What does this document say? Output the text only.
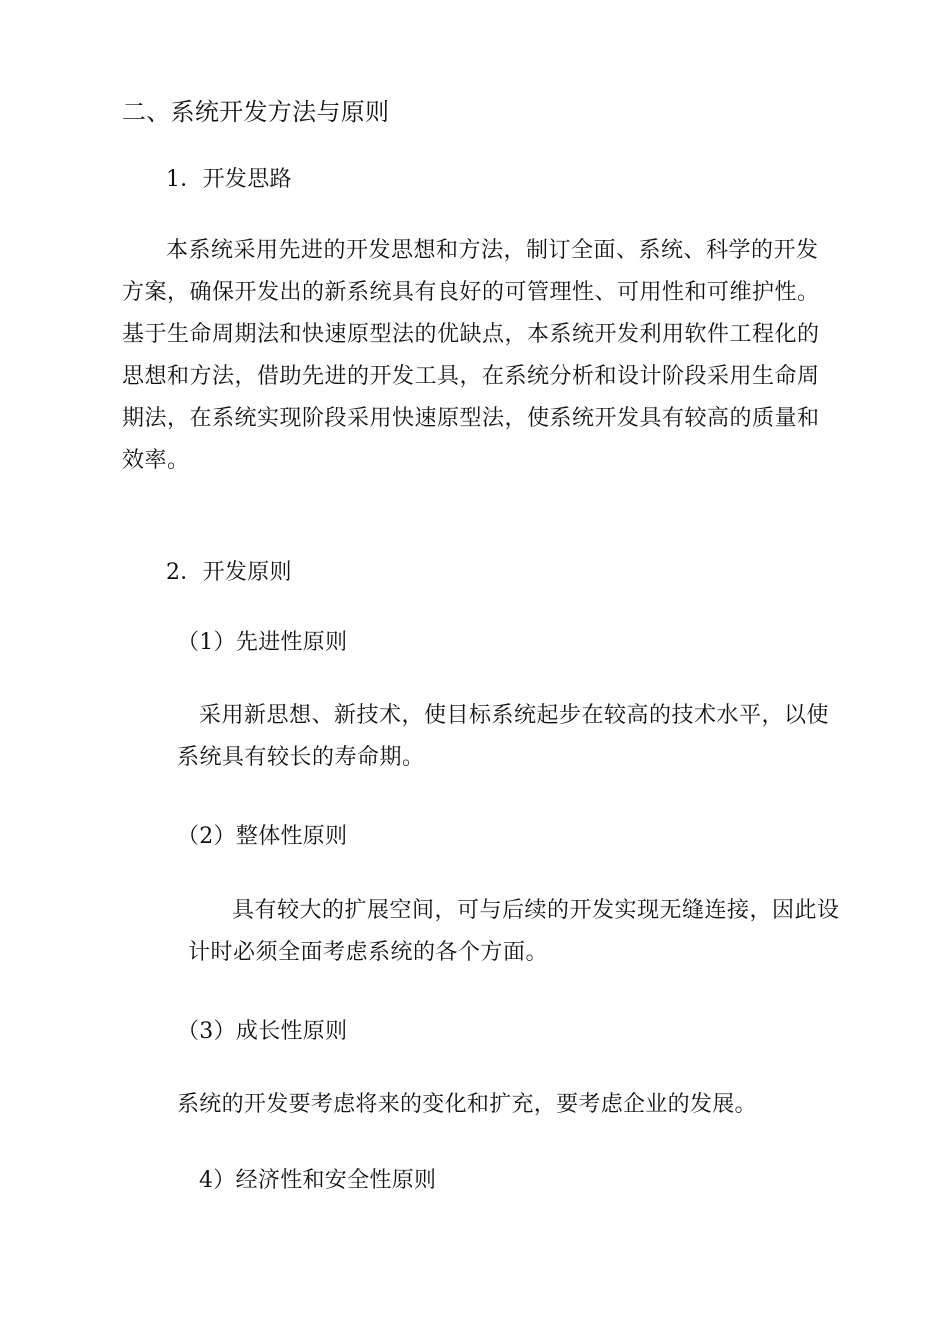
二、系统开发方法与原则
1．开发思路
本系统采用先进的开发思想和方法，制订全面、系统、科学的开发
方案，确保开发出的新系统具有良好的可管理性、可用性和可维护性。
基于生命周期法和快速原型法的优缺点，本系统开发利用软件工程化的
思想和方法，借助先进的开发工具，在系统分析和设计阶段采用生命周
期法，在系统实现阶段采用快速原型法，使系统开发具有较高的质量和
效率。
2．开发原则
（1）先进性原则
采用新思想、新技术，使目标系统起步在较高的技术水平，以使
系统具有较长的寿命期。
（2）整体性原则
具有较大的扩展空间，可与后续的开发实现无缝连接，因此设
计时必须全面考虑系统的各个方面。
（3）成长性原则
系统的开发要考虑将来的变化和扩充，要考虑企业的发展。
4）经济性和安全性原则
